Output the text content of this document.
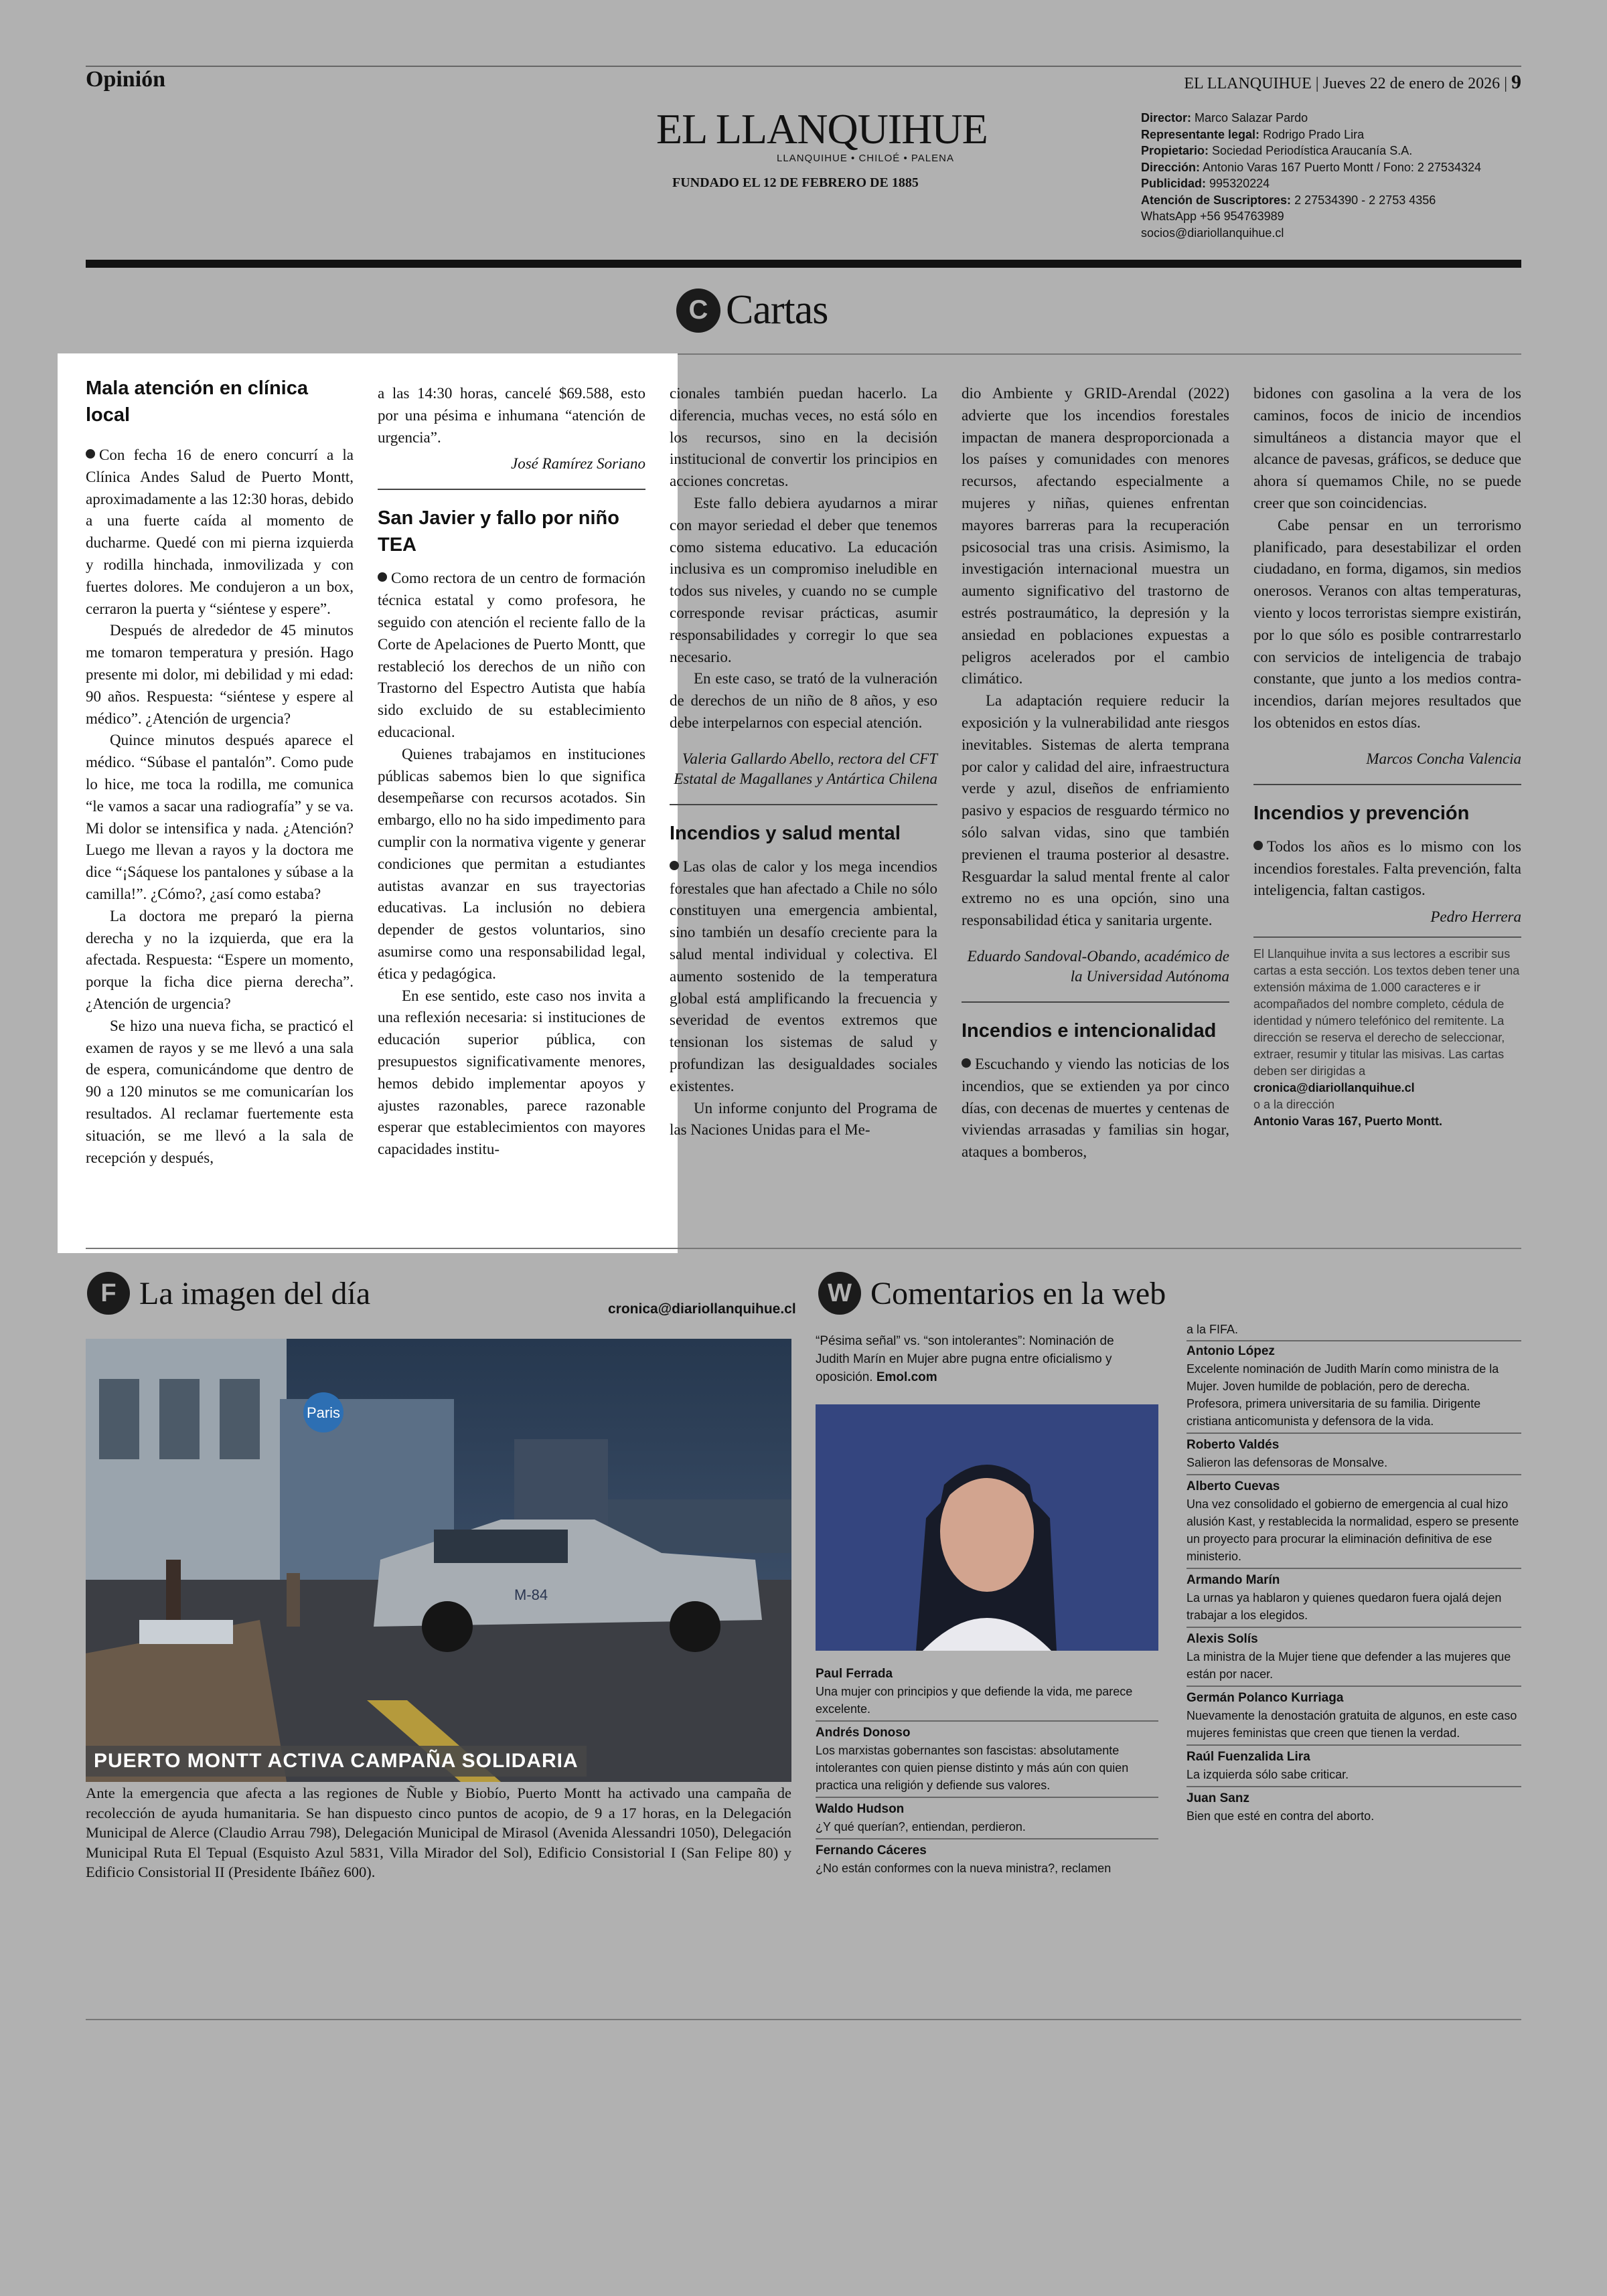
Opinión	EL LLANQUIHUE | Jueves 22 de enero de 2026 | 9
EL LLANQUIHUE
LLANQUIHUE • CHILOÉ • PALENA
FUNDADO EL 12 DE FEBRERO DE 1885
Director: Marco Salazar Pardo
Representante legal: Rodrigo Prado Lira
Propietario: Sociedad Periodística Araucanía S.A.
Dirección: Antonio Varas 167 Puerto Montt / Fono: 2 27534324
Publicidad: 995320224
Atención de Suscriptores: 2 27534390 - 2 2753 4356
WhatsApp +56 954763989
socios@diariollanquihue.cl
C Cartas
Mala atención en clínica local

Con fecha 16 de enero concurrí a la Clínica Andes Salud de Puerto Montt, aproximadamente a las 12:30 horas, debido a una fuerte caída al momento de ducharme. Quedé con mi pierna izquierda y rodilla hinchada, inmovilizada y con fuertes dolores. Me condujeron a un box, cerraron la puerta y “siéntese y espere”.

Después de alrededor de 45 minutos me tomaron temperatura y presión. Hago presente mi dolor, mi debilidad y mi edad: 90 años. Respuesta: “siéntese y espere al médico”. ¿Atención de urgencia?

Quince minutos después aparece el médico. “Súbase el pantalón”. Como pude lo hice, me toca la rodilla, me comunica “le vamos a sacar una radiografía” y se va. Mi dolor se intensifica y nada. ¿Atención? Luego me llevan a rayos y la doctora me dice “¡Sáquese los pantalones y súbase a la camilla!”. ¿Cómo?, ¿así como estaba?

La doctora me preparó la pierna derecha y no la izquierda, que era la afectada. Respuesta: “Espere un momento, porque la ficha dice pierna derecha”. ¿Atención de urgencia?

Se hizo una nueva ficha, se practicó el examen de rayos y se me llevó a una sala de espera, comunicándome que dentro de 90 a 120 minutos se me comunicarían los resultados. Al reclamar fuertemente esta situación, se me llevó a la sala de recepción y después,

a las 14:30 horas, cancelé $69.588, esto por una pésima e inhumana “atención de urgencia”.

José Ramírez Soriano

San Javier y fallo por niño TEA

Como rectora de un centro de formación técnica estatal y como profesora, he seguido con atención el reciente fallo de la Corte de Apelaciones de Puerto Montt, que restableció los derechos de un niño con Trastorno del Espectro Autista que había sido excluido de su establecimiento educacional.

Quienes trabajamos en instituciones públicas sabemos bien lo que significa desempeñarse con recursos acotados. Sin embargo, ello no ha sido impedimento para cumplir con la normativa vigente y generar condiciones que permitan a estudiantes autistas avanzar en sus trayectorias educativas. La inclusión no debiera depender de gestos voluntarios, sino asumirse como una responsabilidad legal, ética y pedagógica.

En ese sentido, este caso nos invita a una reflexión necesaria: si instituciones de educación superior pública, con presupuestos significativamente menores, hemos debido implementar apoyos y ajustes razonables, parece razonable esperar que establecimientos con mayores capacidades institu-

cionales también puedan hacerlo. La diferencia, muchas veces, no está sólo en los recursos, sino en la decisión institucional de convertir los principios en acciones concretas.

Este fallo debiera ayudarnos a mirar con mayor seriedad el deber que tenemos como sistema educativo. La educación inclusiva es un compromiso ineludible en todos sus niveles, y cuando no se cumple corresponde revisar prácticas, asumir responsabilidades y corregir lo que sea necesario.

En este caso, se trató de la vulneración de derechos de un niño de 8 años, y eso debe interpelarnos con especial atención.

Valeria Gallardo Abello, rectora del CFT Estatal de Magallanes y Antártica Chilena

Incendios y salud mental

Las olas de calor y los mega incendios forestales que han afectado a Chile no sólo constituyen una emergencia ambiental, sino también un desafío creciente para la salud mental individual y colectiva. El aumento sostenido de la temperatura global está amplificando la frecuencia y severidad de eventos extremos que tensionan los sistemas de salud y profundizan las desigualdades sociales existentes.

Un informe conjunto del Programa de las Naciones Unidas para el Me-

dio Ambiente y GRID-Arendal (2022) advierte que los incendios forestales impactan de manera desproporcionada a los países y comunidades con menores recursos, afectando especialmente a mujeres y niñas, quienes enfrentan mayores barreras para la recuperación psicosocial tras una crisis. Asimismo, la investigación internacional muestra un aumento significativo del trastorno de estrés postraumático, la depresión y la ansiedad en poblaciones expuestas a peligros acelerados por el cambio climático.

La adaptación requiere reducir la exposición y la vulnerabilidad ante riesgos inevitables. Sistemas de alerta temprana por calor y calidad del aire, infraestructura verde y azul, diseños de enfriamiento pasivo y espacios de resguardo térmico no sólo salvan vidas, sino que también previenen el trauma posterior al desastre. Resguardar la salud mental frente al calor extremo no es una opción, sino una responsabilidad ética y sanitaria urgente.

Eduardo Sandoval-Obando, académico de la Universidad Autónoma

Incendios e intencionalidad

Escuchando y viendo las noticias de los incendios, que se extienden ya por cinco días, con decenas de muertes y centenas de viviendas arrasadas y familias sin hogar, ataques a bomberos,

bidones con gasolina a la vera de los caminos, focos de inicio de incendios simultáneos a distancia mayor que el alcance de pavesas, gráficos, se deduce que ahora sí quemamos Chile, no se puede creer que son coincidencias.

Cabe pensar en un terrorismo planificado, para desestabilizar el orden ciudadano, en forma, digamos, sin medios onerosos. Veranos con altas temperaturas, viento y locos terroristas siempre existirán, por lo que sólo es posible contrarrestarlo con servicios de inteligencia de trabajo constante, que junto a los medios contra-incendios, darían mejores resultados que los obtenidos en estos días.

Marcos Concha Valencia

Incendios y prevención

Todos los años es lo mismo con los incendios forestales. Falta prevención, falta inteligencia, faltan castigos.

Pedro Herrera

El Llanquihue invita a sus lectores a escribir sus cartas a esta sección. Los textos deben tener una extensión máxima de 1.000 caracteres e ir acompañados del nombre completo, cédula de identidad y número telefónico del remitente. La dirección se reserva el derecho de seleccionar, extraer, resumir y titular las misivas. Las cartas deben ser dirigidas a
cronica@diariollanquihue.cl
o a la dirección
Antonio Varas 167, Puerto Montt.
F La imagen del día	cronica@diariollanquihue.cl
Paris
M-84
PUERTO MONTT ACTIVA CAMPAÑA SOLIDARIA

Ante la emergencia que afecta a las regiones de Ñuble y Biobío, Puerto Montt ha activado una campaña de recolección de ayuda humanitaria. Se han dispuesto cinco puntos de acopio, de 9 a 17 horas, en la Delegación Municipal de Alerce (Claudio Arrau 798), Delegación Municipal de Mirasol (Avenida Alessandri 1050), Delegación Municipal Ruta El Tepual (Esquisto Azul 5831, Villa Mirador del Sol), Edificio Consistorial I (San Felipe 80) y Edificio Consistorial II (Presidente Ibáñez 600).

W Comentarios en la web
“Pésima señal” vs. “son intolerantes”: Nominación de Judith Marín en Mujer abre pugna entre oficialismo y oposición. Emol.com

Paul Ferrada

Una mujer con principios y que defiende la vida, me parece excelente.

Andrés Donoso

Los marxistas gobernantes son fascistas: absolutamente intolerantes con quien piense distinto y más aún con quien practica una religión y defiende sus valores.

Waldo Hudson

¿Y qué querían?, entiendan, perdieron.

Fernando Cáceres

¿No están conformes con la nueva ministra?, reclamen

a la FIFA.

Antonio López

Excelente nominación de Judith Marín como ministra de la Mujer. Joven humilde de población, pero de derecha. Profesora, primera universitaria de su familia. Dirigente cristiana anticomunista y defensora de la vida.

Roberto Valdés

Salieron las defensoras de Monsalve.

Alberto Cuevas

Una vez consolidado el gobierno de emergencia al cual hizo alusión Kast, y restablecida la normalidad, espero se presente un proyecto para procurar la eliminación definitiva de ese ministerio.

Armando Marín

La urnas ya hablaron y quienes quedaron fuera ojalá dejen trabajar a los elegidos.

Alexis Solís

La ministra de la Mujer tiene que defender a las mujeres que están por nacer.

Germán Polanco Kurriaga

Nuevamente la denostación gratuita de algunos, en este caso mujeres feministas que creen que tienen la verdad.

Raúl Fuenzalida Lira

La izquierda sólo sabe criticar.

Juan Sanz

Bien que esté en contra del aborto.
